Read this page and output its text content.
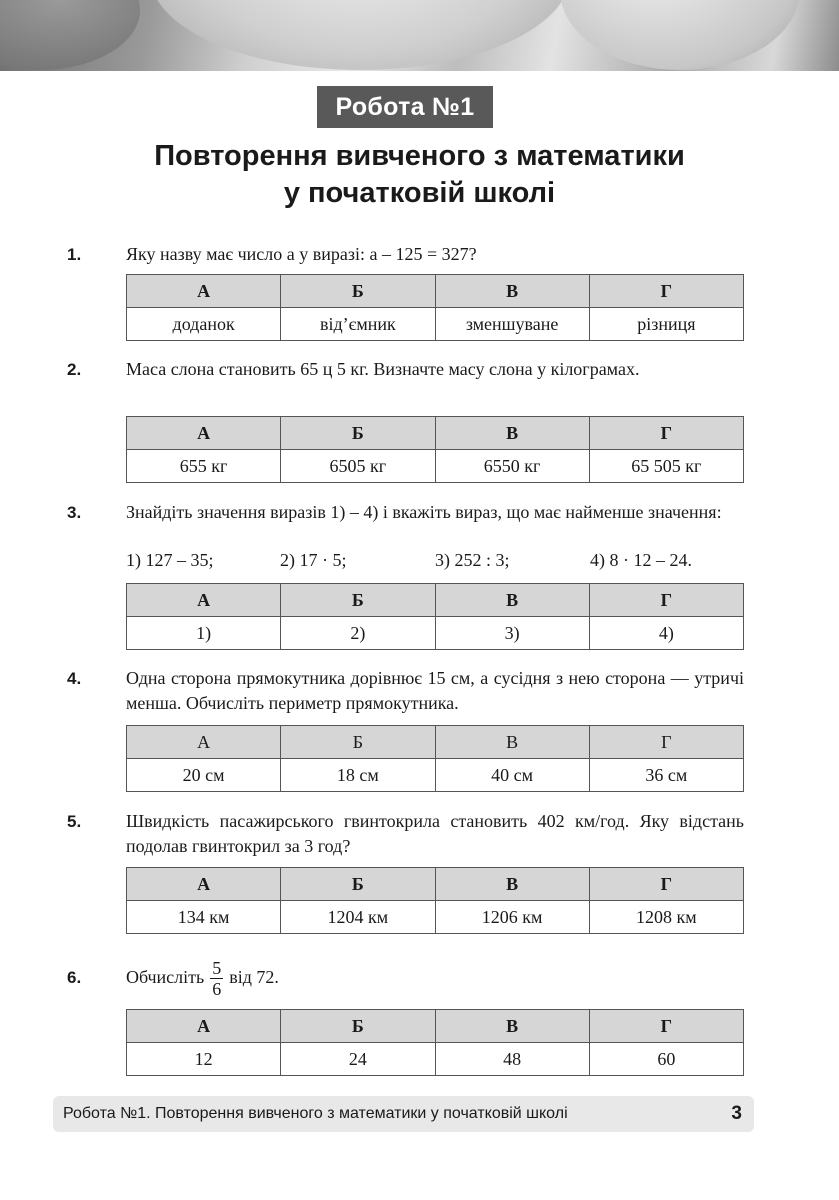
Робота №1
Повторення вивченого з математики
у початковій школі
1. Яку назву має число a у виразі: a – 125 = 327?
А	Б	В	Г
доданок	від’ємник	зменшуване	різниця
2. Маса слона становить 65 ц 5 кг. Визначте масу слона у кілограмах.
А	Б	В	Г
655 кг	6505 кг	6550 кг	65 505 кг
3. Знайдіть значення виразів 1) – 4) і вкажіть вираз, що має найменше значення:
1) 127 – 35;	2) 17 · 5;	3) 252 : 3;	4) 8 · 12 – 24.
А	Б	В	Г
1)	2)	3)	4)
4. Одна сторона прямокутника дорівнює 15 см, а сусідня з нею сторона — утричі менша. Обчисліть периметр прямокутника.
А	Б	В	Г
20 см	18 см	40 см	36 см
5. Швидкість пасажирського гвинтокрила становить 402 км/год. Яку відстань подолав гвинтокрил за 3 год?
А	Б	В	Г
134 км	1204 км	1206 км	1208 км
6. Обчисліть $\frac{5}{6}$ від 72.
А	Б	В	Г
12	24	48	60
Робота №1. Повторення вивченого з математики у початковій школі	3
